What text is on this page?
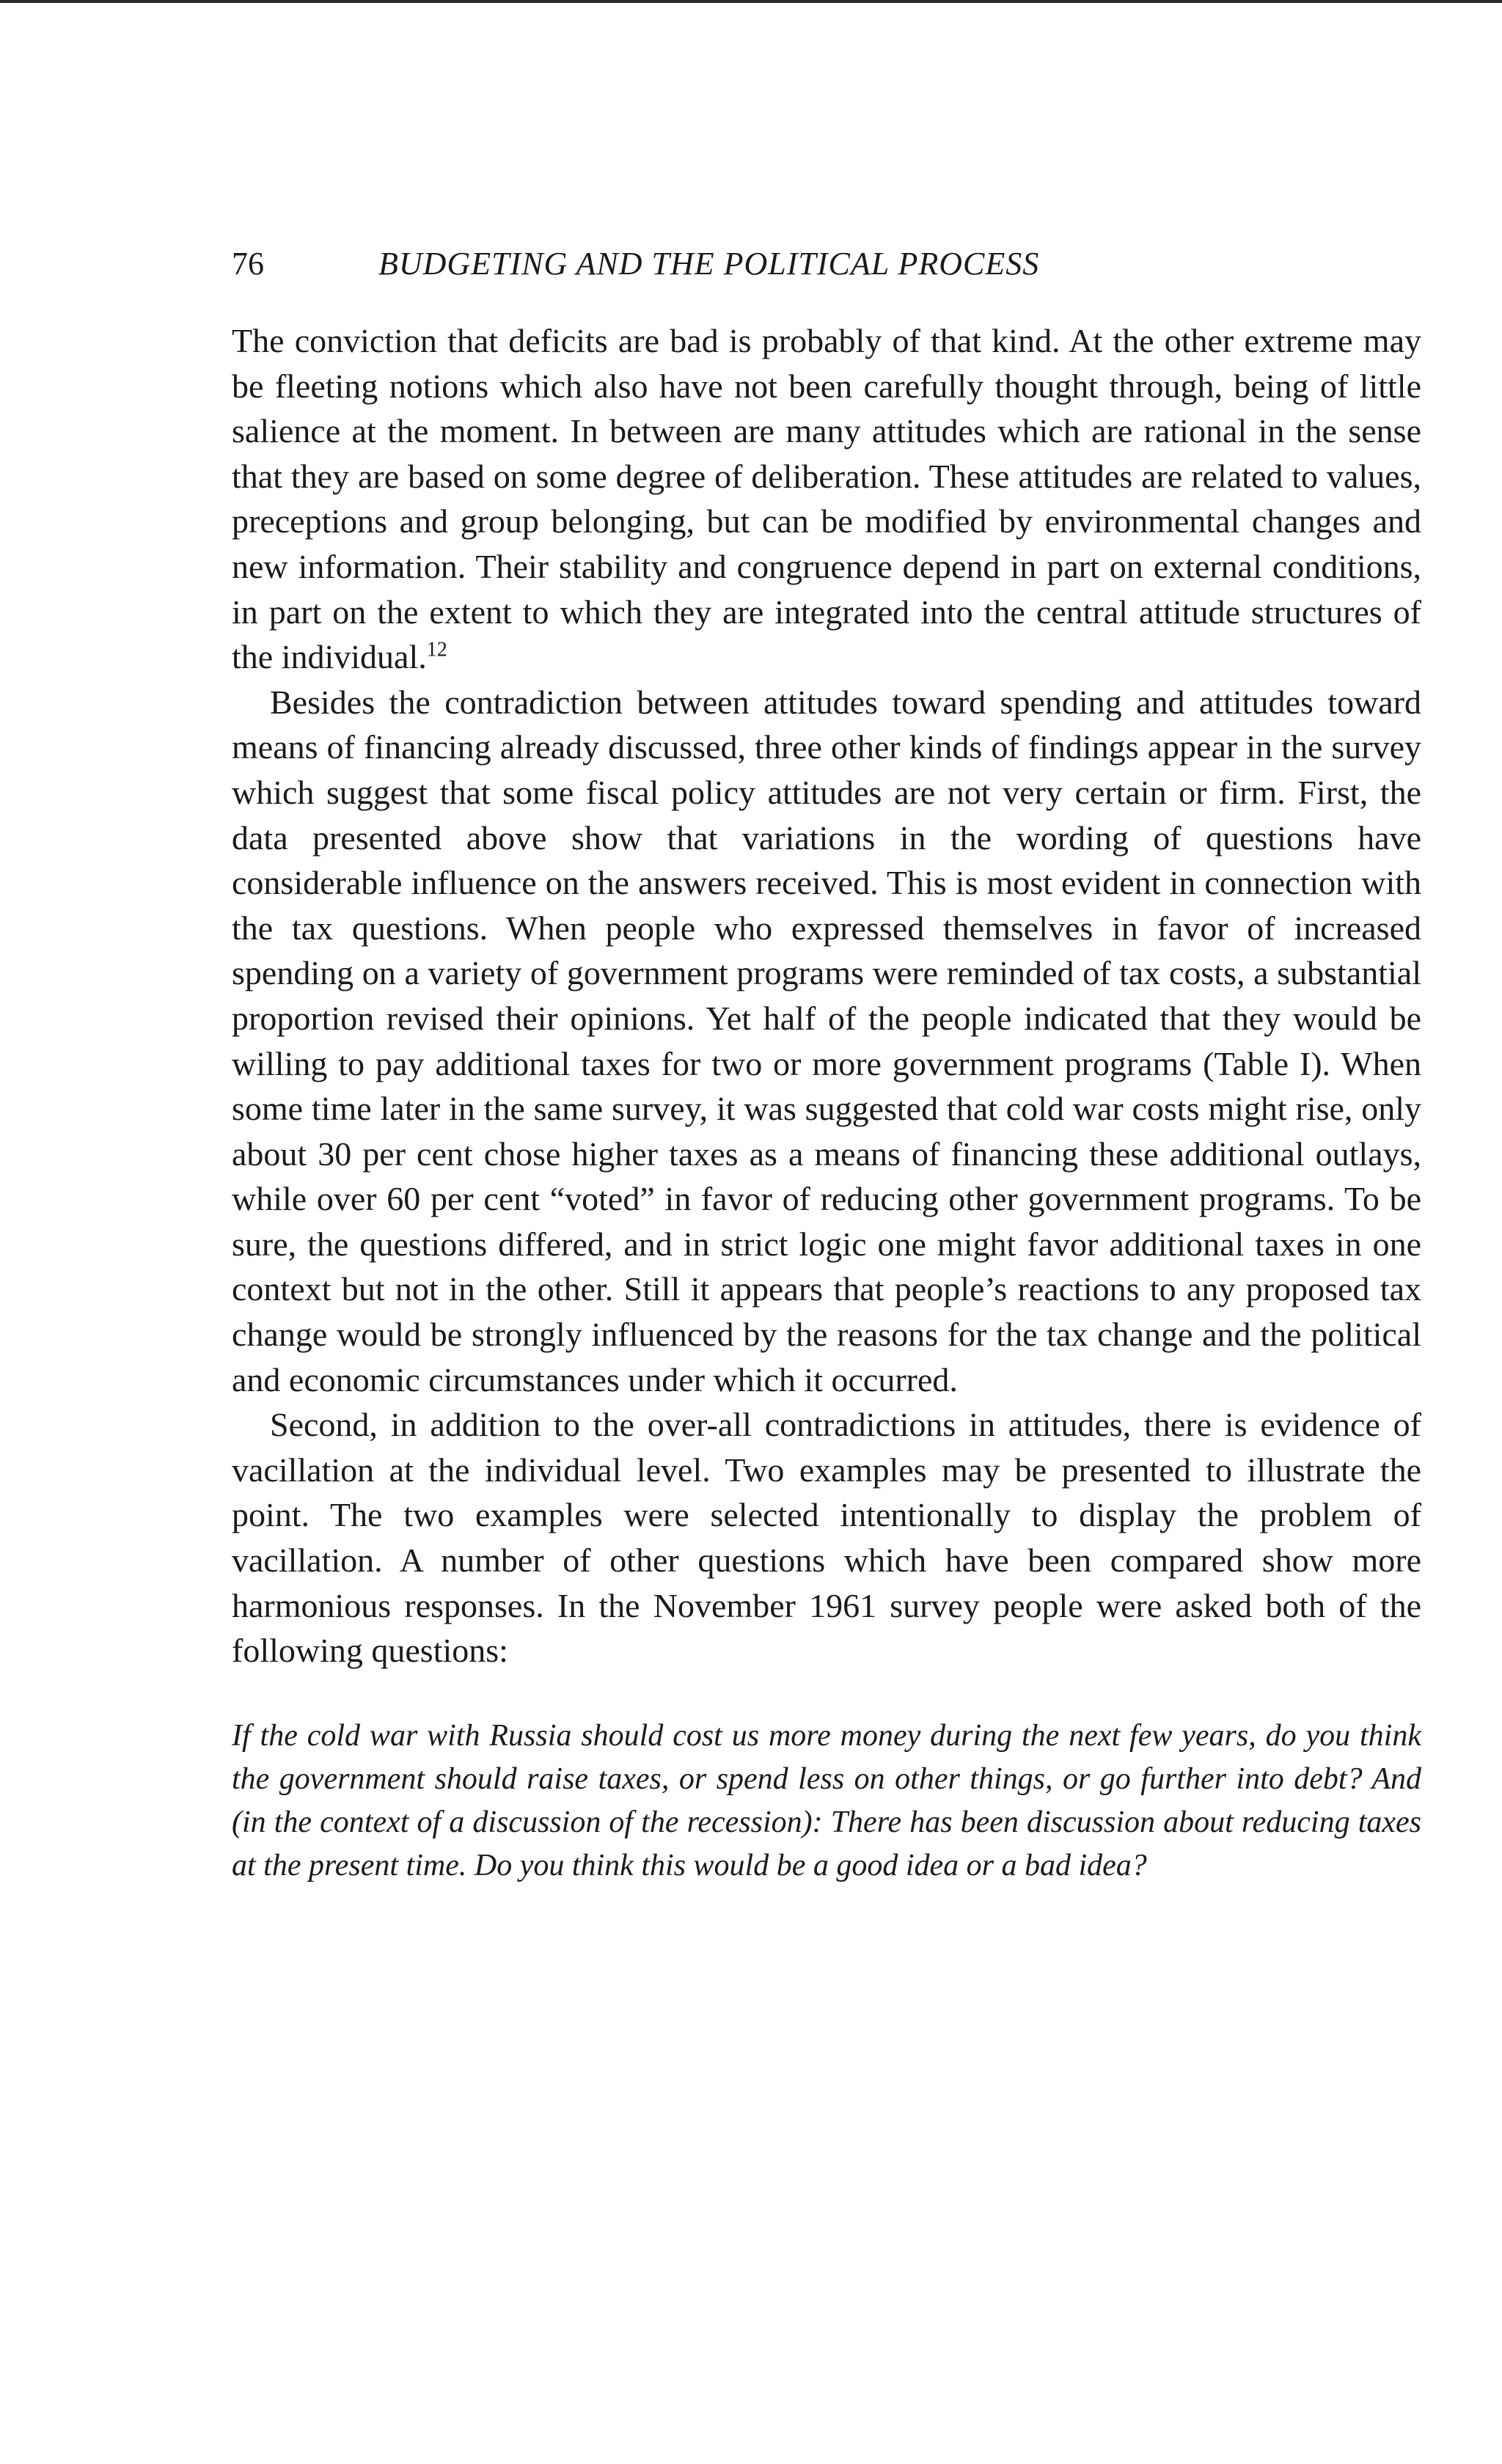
76	BUDGETING AND THE POLITICAL PROCESS

The conviction that deficits are bad is probably of that kind. At the other extreme may be fleeting notions which also have not been carefully thought through, being of little salience at the moment. In between are many attitudes which are rational in the sense that they are based on some degree of deliberation. These attitudes are related to values, preceptions and group belonging, but can be modified by environmental changes and new information. Their stability and congruence depend in part on external conditions, in part on the extent to which they are integrated into the central attitude structures of the individual.$^{12}$

Besides the contradiction between attitudes toward spending and attitudes toward means of financing already discussed, three other kinds of findings appear in the survey which suggest that some fiscal policy attitudes are not very certain or firm. First, the data presented above show that variations in the wording of questions have considerable influence on the answers received. This is most evident in connection with the tax questions. When people who expressed themselves in favor of increased spending on a variety of government programs were reminded of tax costs, a substantial proportion revised their opinions. Yet half of the people indicated that they would be willing to pay additional taxes for two or more government programs (Table I). When some time later in the same survey, it was suggested that cold war costs might rise, only about 30 per cent chose higher taxes as a means of financing these additional outlays, while over 60 per cent “voted” in favor of reducing other government programs. To be sure, the questions differed, and in strict logic one might favor additional taxes in one context but not in the other. Still it appears that people’s reactions to any proposed tax change would be strongly influenced by the reasons for the tax change and the political and economic circumstances under which it occurred.

Second, in addition to the over-all contradictions in attitudes, there is evidence of vacillation at the individual level. Two examples may be presented to illustrate the point. The two examples were selected intentionally to display the problem of vacillation. A number of other questions which have been compared show more harmonious responses. In the November 1961 survey people were asked both of the following questions:

If the cold war with Russia should cost us more money during the next few years, do you think the government should raise taxes, or spend less on other things, or go further into debt? And (in the context of a discussion of the recession): There has been discussion about reducing taxes at the present time. Do you think this would be a good idea or a bad idea?
